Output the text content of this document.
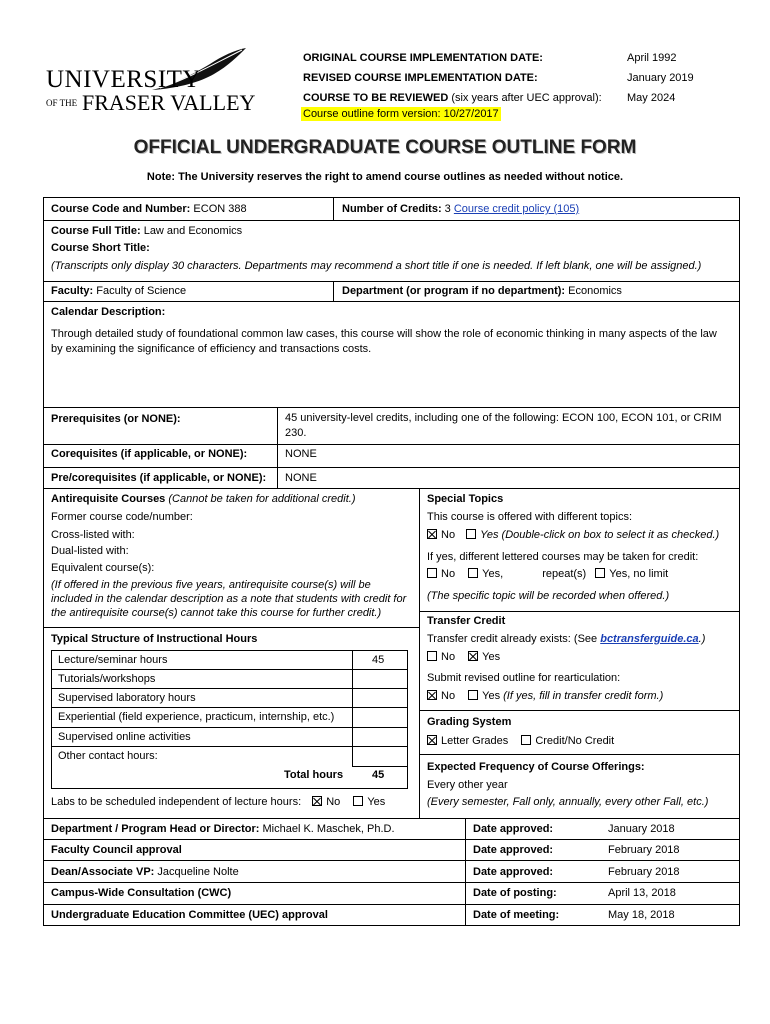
UNIVERSITY
OF THE FRASER VALLEY
ORIGINAL COURSE IMPLEMENTATION DATE:	April 1992
REVISED COURSE IMPLEMENTATION DATE:	January 2019
COURSE TO BE REVIEWED (six years after UEC approval): May 2024
Course outline form version: 10/27/2017
OFFICIAL UNDERGRADUATE COURSE OUTLINE FORM
Note: The University reserves the right to amend course outlines as needed without notice.
Course Code and Number: ECON 388	Number of Credits: 3 Course credit policy (105)
Course Full Title: Law and Economics
Course Short Title:
(Transcripts only display 30 characters. Departments may recommend a short title if one is needed. If left blank, one will be assigned.)
Faculty: Faculty of Science	Department (or program if no department): Economics
Calendar Description:
Through detailed study of foundational common law cases, this course will show the role of economic thinking in many aspects of the law by examining the significance of efficiency and transactions costs.
Prerequisites (or NONE):	45 university-level credits, including one of the following: ECON 100, ECON 101, or CRIM 230.
Corequisites (if applicable, or NONE):	NONE
Pre/corequisites (if applicable, or NONE): NONE
Antirequisite Courses (Cannot be taken for additional credit.)
Former course code/number:
Cross-listed with:
Dual-listed with:
Equivalent course(s):
(If offered in the previous five years, antirequisite course(s) will be included in the calendar description as a note that students with credit for the antirequisite course(s) cannot take this course for further credit.)
Typical Structure of Instructional Hours
Lecture/seminar hours	45
Tutorials/workshops
Supervised laboratory hours
Experiential (field experience, practicum, internship, etc.)
Supervised online activities
Other contact hours:
Total hours	45
Labs to be scheduled independent of lecture hours: No Yes
Special Topics
This course is offered with different topics:
No Yes (Double-click on box to select it as checked.)
If yes, different lettered courses may be taken for credit:
No Yes,	repeat(s) Yes, no limit
(The specific topic will be recorded when offered.)
Transfer Credit
Transfer credit already exists: (See bctransferguide.ca.)
No Yes
Submit revised outline for rearticulation:
No Yes (If yes, fill in transfer credit form.)
Grading System
Letter Grades Credit/No Credit
Expected Frequency of Course Offerings:
Every other year
(Every semester, Fall only, annually, every other Fall, etc.)
Department / Program Head or Director: Michael K. Maschek, Ph.D.	Date approved:	January 2018
Faculty Council approval	Date approved:	February 2018
Dean/Associate VP: Jacqueline Nolte	Date approved:	February 2018
Campus-Wide Consultation (CWC)	Date of posting:	April 13, 2018
Undergraduate Education Committee (UEC) approval	Date of meeting:	May 18, 2018
